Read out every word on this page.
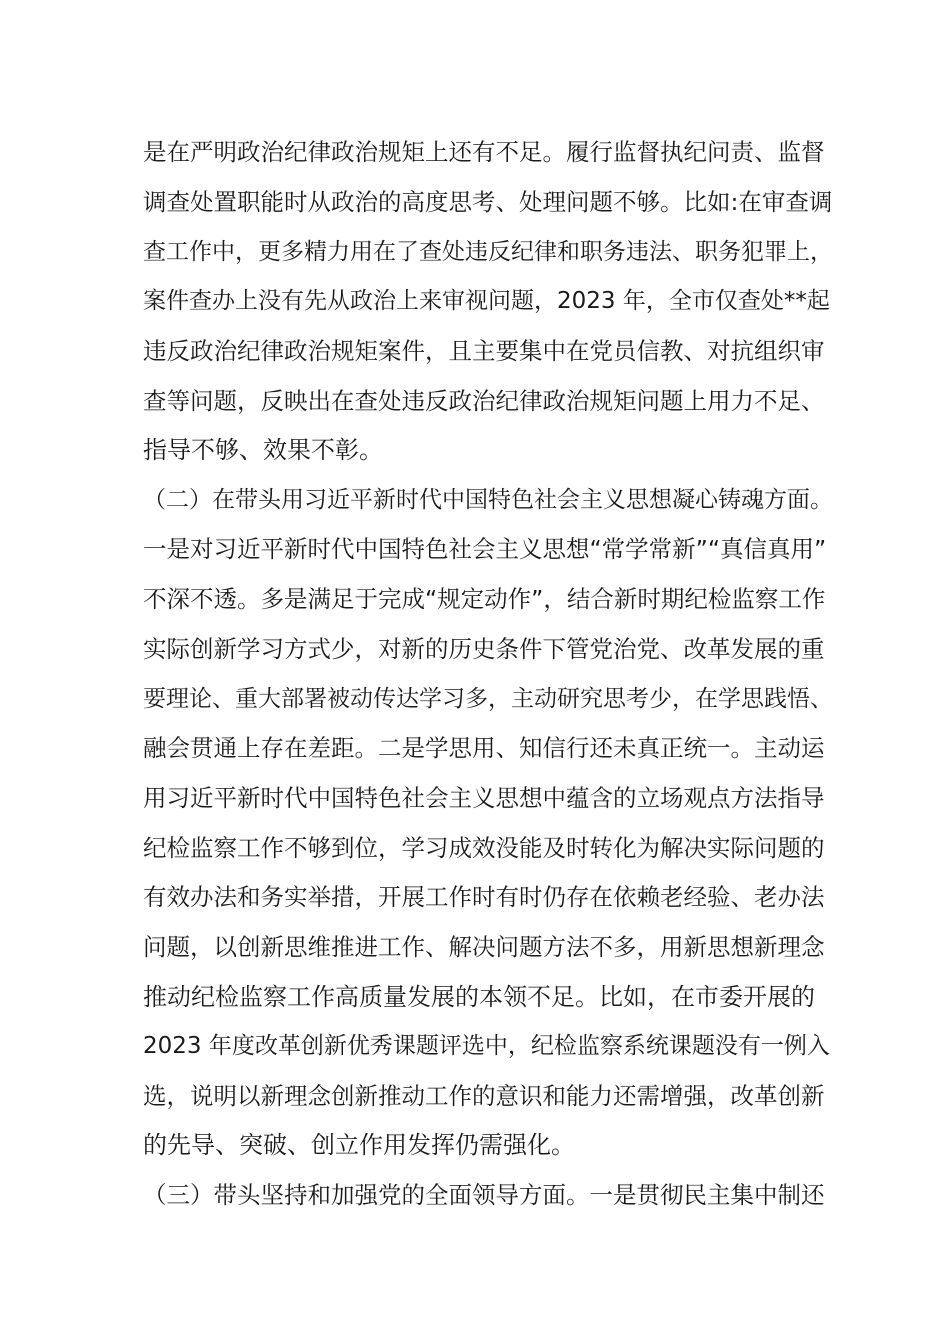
是在严明政治纪律政治规矩上还有不足。履行监督执纪问责、监督
调查处置职能时从政治的高度思考、处理问题不够。比如:在审查调
查工作中，更多精力用在了查处违反纪律和职务违法、职务犯罪上，
案件查办上没有先从政治上来审视问题，2023 年，全市仅查处**起
违反政治纪律政治规矩案件，且主要集中在党员信教、对抗组织审
查等问题，反映出在查处违反政治纪律政治规矩问题上用力不足、
指导不够、效果不彰。
（二）在带头用习近平新时代中国特色社会主义思想凝心铸魂方面。
一是对习近平新时代中国特色社会主义思想“常学常新”“真信真用”
不深不透。多是满足于完成“规定动作”，结合新时期纪检监察工作
实际创新学习方式少，对新的历史条件下管党治党、改革发展的重
要理论、重大部署被动传达学习多，主动研究思考少，在学思践悟、
融会贯通上存在差距。二是学思用、知信行还未真正统一。主动运
用习近平新时代中国特色社会主义思想中蕴含的立场观点方法指导
纪检监察工作不够到位，学习成效没能及时转化为解决实际问题的
有效办法和务实举措，开展工作时有时仍存在依赖老经验、老办法
问题，以创新思维推进工作、解决问题方法不多，用新思想新理念
推动纪检监察工作高质量发展的本领不足。比如，在市委开展的
2023 年度改革创新优秀课题评选中，纪检监察系统课题没有一例入
选，说明以新理念创新推动工作的意识和能力还需增强，改革创新
的先导、突破、创立作用发挥仍需强化。
（三）带头坚持和加强党的全面领导方面。一是贯彻民主集中制还
